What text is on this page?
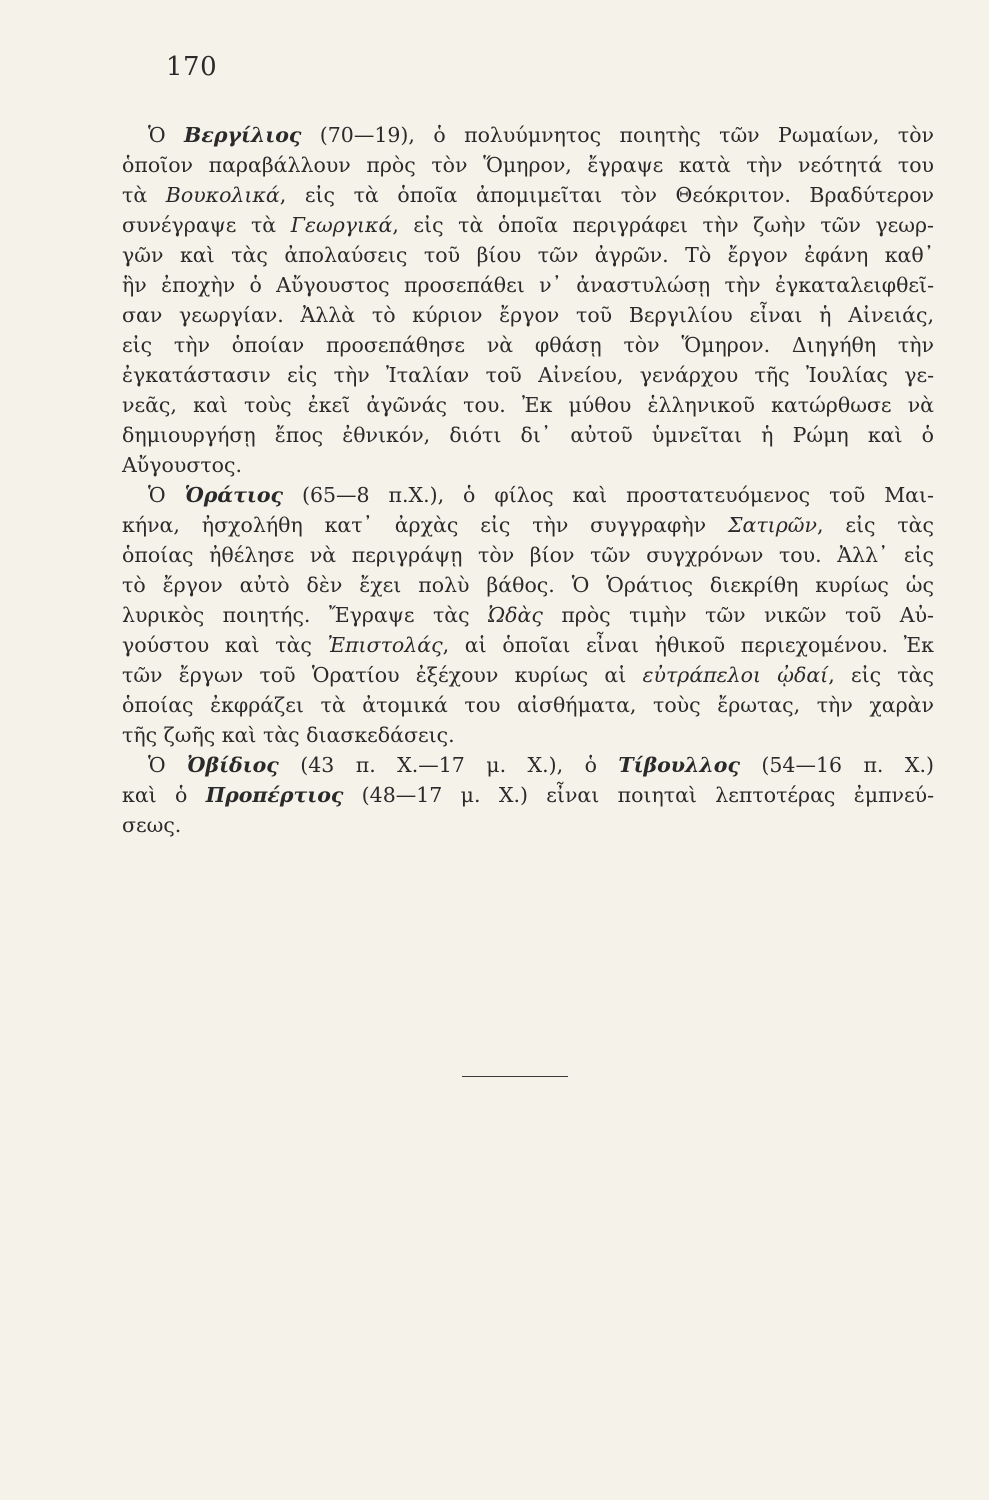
170
Ὁ Βεργίλιος (70—19), ὁ πολυύμνητος ποιητὴς τῶν Ρωμαίων, τὸν
ὁποῖον παραβάλλουν πρὸς τὸν Ὅμηρον, ἔγραψε κατὰ τὴν νεότητά του
τὰ Βουκολικά, εἰς τὰ ὁποῖα ἀπομιμεῖται τὸν Θεόκριτον. Βραδύτερον
συνέγραψε τὰ Γεωργικά, εἰς τὰ ὁποῖα περιγράφει τὴν ζωὴν τῶν γεωρ-
γῶν καὶ τὰς ἀπολαύσεις τοῦ βίου τῶν ἀγρῶν. Τὸ ἔργον ἐφάνη καθ᾽
ἣν ἐποχὴν ὁ Αὔγουστος προσεπάθει ν᾽ ἀναστυλώσῃ τὴν ἐγκαταλειφθεῖ-
σαν γεωργίαν. Ἀλλὰ τὸ κύριον ἔργον τοῦ Βεργιλίου εἶναι ἡ Αἰνειάς,
εἰς τὴν ὁποίαν προσεπάθησε νὰ φθάσῃ τὸν Ὅμηρον. Διηγήθη τὴν
ἐγκατάστασιν εἰς τὴν Ἰταλίαν τοῦ Αἰνείου, γενάρχου τῆς Ἰουλίας γε-
νεᾶς, καὶ τοὺς ἐκεῖ ἀγῶνάς του. Ἐκ μύθου ἑλληνικοῦ κατώρθωσε νὰ
δημιουργήσῃ ἔπος ἐθνικόν, διότι δι᾽ αὐτοῦ ὑμνεῖται ἡ Ρώμη καὶ ὁ
Αὔγουστος.
Ὁ Ὁράτιος (65—8 π.Χ.), ὁ φίλος καὶ προστατευόμενος τοῦ Μαι-
κήνα, ἠσχολήθη κατ᾽ ἀρχὰς εἰς τὴν συγγραφὴν Σατιρῶν, εἰς τὰς
ὁποίας ἠθέλησε νὰ περιγράψῃ τὸν βίον τῶν συγχρόνων του. Ἀλλ᾽ εἰς
τὸ ἔργον αὐτὸ δὲν ἔχει πολὺ βάθος. Ὁ Ὁράτιος διεκρίθη κυρίως ὡς
λυρικὸς ποιητής. Ἔγραψε τὰς Ὠδὰς πρὸς τιμὴν τῶν νικῶν τοῦ Αὐ-
γούστου καὶ τὰς Ἐπιστολάς, αἱ ὁποῖαι εἶναι ἠθικοῦ περιεχομένου. Ἐκ
τῶν ἔργων τοῦ Ὁρατίου ἐξέχουν κυρίως αἱ εὐτράπελοι ᾠδαί, εἰς τὰς
ὁποίας ἐκφράζει τὰ ἀτομικά του αἰσθήματα, τοὺς ἔρωτας, τὴν χαρὰν
τῆς ζωῆς καὶ τὰς διασκεδάσεις.
Ὁ Ὀβίδιος (43 π. Χ.—17 μ. Χ.), ὁ Τίβουλλος (54—16 π. Χ.)
καὶ ὁ Προπέρτιος (48—17 μ. Χ.) εἶναι ποιηταὶ λεπτοτέρας ἐμπνεύ-
σεως.
